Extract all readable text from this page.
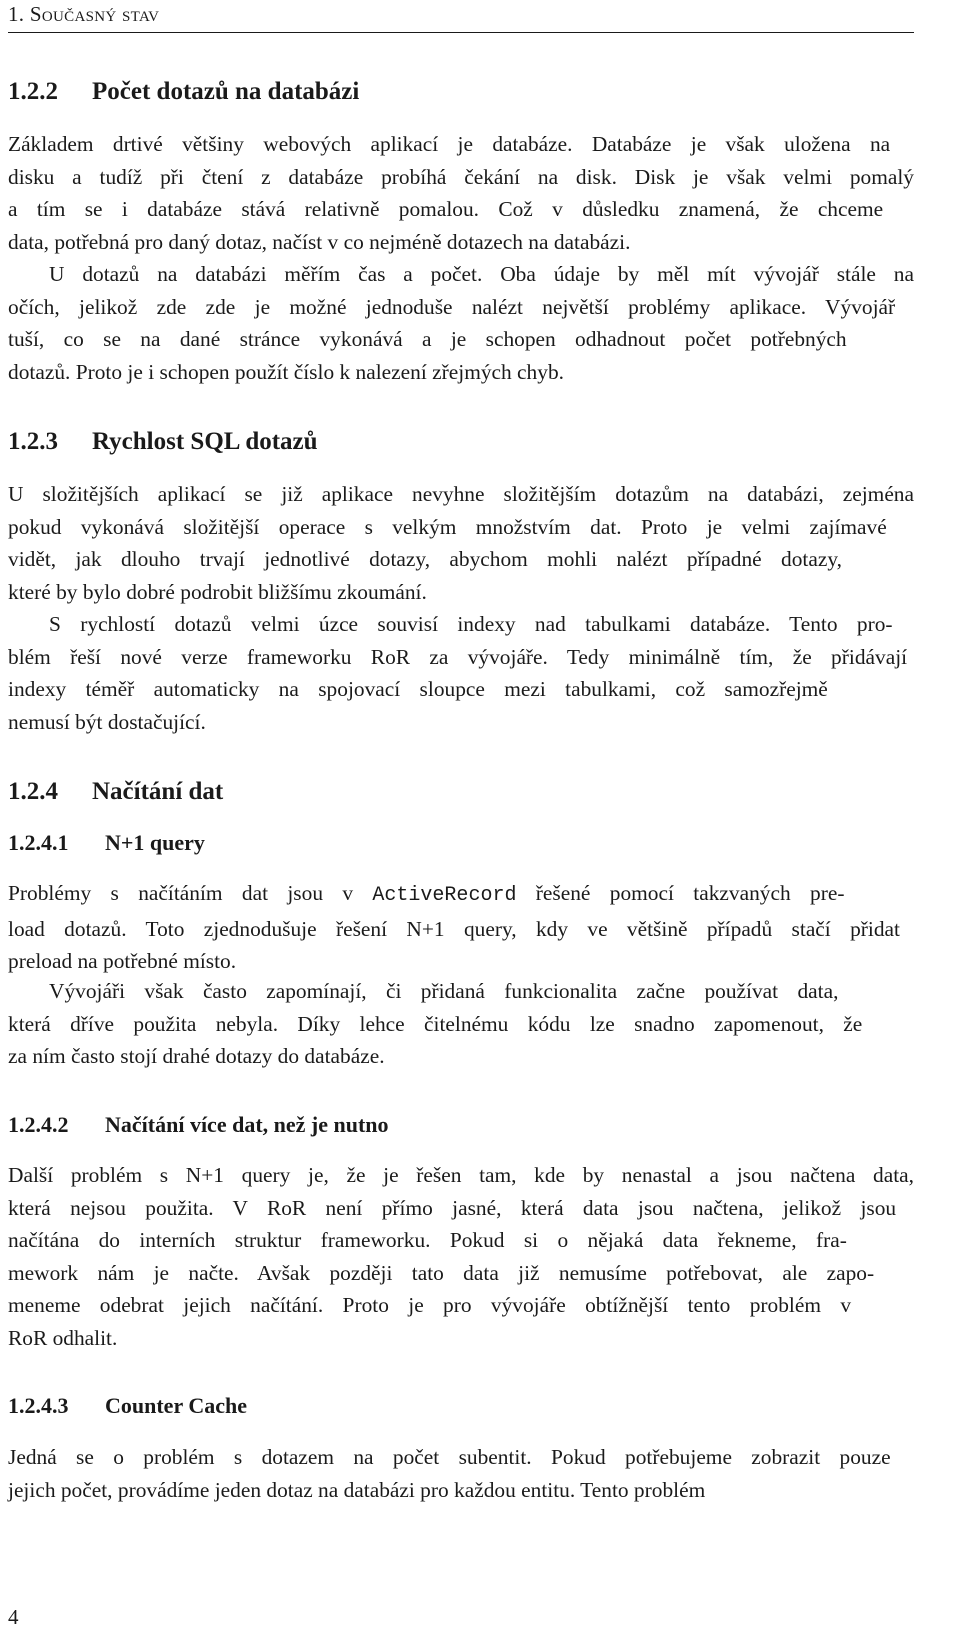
1. Současný stav
1.2.2 Počet dotazů na databázi
Základem drtivé většiny webových aplikací je databáze. Databáze je však uložena na
disku a tudíž při čtení z databáze probíhá čekání na disk. Disk je však velmi pomalý
a tím se i databáze stává relativně pomalou. Což v důsledku znamená, že chceme
data, potřebná pro daný dotaz, načíst v co nejméně dotazech na databázi.
U dotazů na databázi měřím čas a počet. Oba údaje by měl mít vývojář stále na
očích, jelikož zde zde je možné jednoduše nalézt největší problémy aplikace. Vývojář
tuší, co se na dané stránce vykonává a je schopen odhadnout počet potřebných
dotazů. Proto je i schopen použít číslo k nalezení zřejmých chyb.
1.2.3 Rychlost SQL dotazů
U složitějších aplikací se již aplikace nevyhne složitějším dotazům na databázi, zejména
pokud vykonává složitější operace s velkým množstvím dat. Proto je velmi zajímavé
vidět, jak dlouho trvají jednotlivé dotazy, abychom mohli nalézt případné dotazy,
které by bylo dobré podrobit bližšímu zkoumání.
S rychlostí dotazů velmi úzce souvisí indexy nad tabulkami databáze. Tento pro-
blém řeší nové verze frameworku RoR za vývojáře. Tedy minimálně tím, že přidávají
indexy téměř automaticky na spojovací sloupce mezi tabulkami, což samozřejmě
nemusí být dostačující.
1.2.4 Načítání dat
1.2.4.1 N+1 query
Problémy s načítáním dat jsou v ActiveRecord řešené pomocí takzvaných pre-
load dotazů. Toto zjednodušuje řešení N+1 query, kdy ve většině případů stačí přidat
preload na potřebné místo.
Vývojáři však často zapomínají, či přidaná funkcionalita začne používat data,
která dříve použita nebyla. Díky lehce čitelnému kódu lze snadno zapomenout, že
za ním často stojí drahé dotazy do databáze.
1.2.4.2 Načítání více dat, než je nutno
Další problém s N+1 query je, že je řešen tam, kde by nenastal a jsou načtena data,
která nejsou použita. V RoR není přímo jasné, která data jsou načtena, jelikož jsou
načítána do interních struktur frameworku. Pokud si o nějaká data řekneme, fra-
mework nám je načte. Avšak později tato data již nemusíme potřebovat, ale zapo-
meneme odebrat jejich načítání. Proto je pro vývojáře obtížnější tento problém v
RoR odhalit.
1.2.4.3 Counter Cache
Jedná se o problém s dotazem na počet subentit. Pokud potřebujeme zobrazit pouze
jejich počet, provádíme jeden dotaz na databázi pro každou entitu. Tento problém
4
